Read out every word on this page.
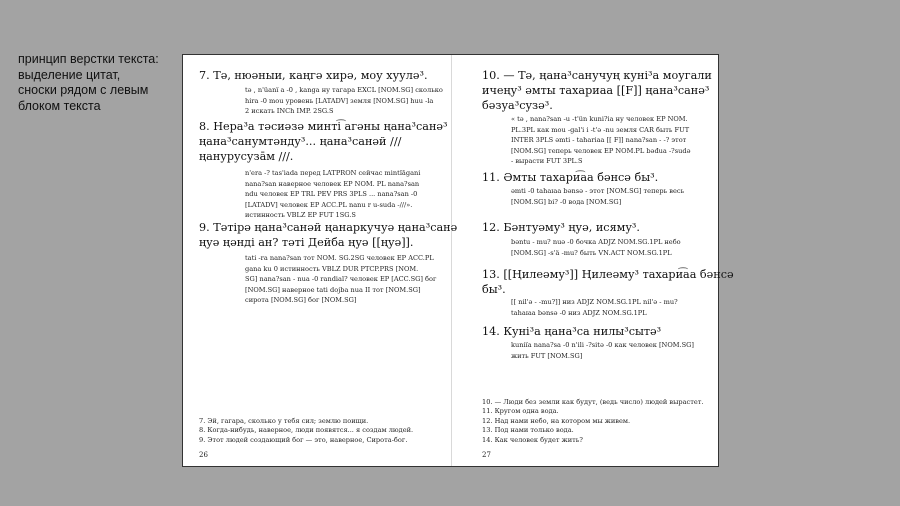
принцип верстки текста:
выделение цитат,
сноски рядом с левым
блоком текста
7. Тә, нюәныи, каңгә хирә, моу хуулә³.
tə , n'üanï a -0 , kanga ну тагара EXCL [NOM.SG] сколько
hira -0 mou уровень [LATADV] земля [NOM.SG] huu -la
2 искать INCh IMP. 2SG.S
8. Нера³а тәсиәзә минті͡ агәны ңана³санә³
ңана³санумтәнду³... ңана³санәй ///
ңанурусуза̄м ///.
n'era -? tas'iada перед LATPRON сейчас mintïāgani
nana?san наверное человек EP NOM. PL nana?san
ndu человек EP TRL PEV PRS 3PLS ... nana?san -0
[LATADV] человек EP ACC.PL nanu r u-suda -///».
истинность VBLZ EP FUT 1SG.S
9. Тәтірә ңана³санәй ңанаркучуә ңана³санә
ңуә ңәнді ан? тәті Дейба ңуә [[ңуә]].
tati -ra nana?san тот NOM. SG.2SG человек EP ACC.PL
gana ku 0 истинность VBLZ DUR PTCP.PRS [NOM.
SG] nana?san - nua -0 randial? человек EP [ACC.SG] бог
[NOM.SG] наверное tati dojba nua II тот [NOM.SG]
сирота [NOM.SG] бог [NOM.SG]
7. Эй, гагара, сколько у тебя сил; землю поищи.
8. Когда-нибудь, наверное, люди появятся... я создам людей.
9. Этот людей создающий бог — это, наверное, Сирота-бог.
26
10. — Тә, ңана³санучуң куні³а моугали
ичеңу³ әмты тахариаа [[F]] ңана³санә³
бәзуа³сузә³.
« tə , nana?san -u -t'ün kuni?ia ну человек EP NOM.
PL.3PL как mou -gal'i i -t'ə -nu земля CAR быть FUT
INTER 3PLS əmti - tahariaa [[ F]] nana?san - -? этот
[NOM.SG] теперь человек EP NOM.PL bəđua -?sudə
- вырасти FUT 3PL.S
11. Әмты тахари͡аа бәнсә бы³.
əmti -0 tahaɪaa bənsə - этот [NOM.SG] теперь весь
[NOM.SG] bi? -0 вода [NOM.SG]
12. Бәнтуәму³ ңуә, исяму³.
bəntu - mu? nuə -0 бочка ADJZ NOM.SG.1PL небо
[NOM.SG] -s'ä -mu? быть VN.ACT NOM.SG.1PL
13. [[Ңилеәму³]] Ңилеәму³ тахари͡аа бәнсә
бы³.
[[ nil'ə - -mu?]] низ ADJZ NOM.SG.1PL nil'ə - mu?
tahaɪaa bənsə -0 низ ADJZ NOM.SG.1PL
14. Куні³а ңана³са нилы³сытә³
kuniïa nana?sa -0 n'ili -?sitə -0 как человек [NOM.SG]
жить FUT [NOM.SG]
10. — Люди без земли как будут, (ведь число) людей вырастет.
11. Кругом одна вода.
12. Над нами небо, на котором мы живем.
13. Под нами только вода.
14. Как человек будет жить?
27
